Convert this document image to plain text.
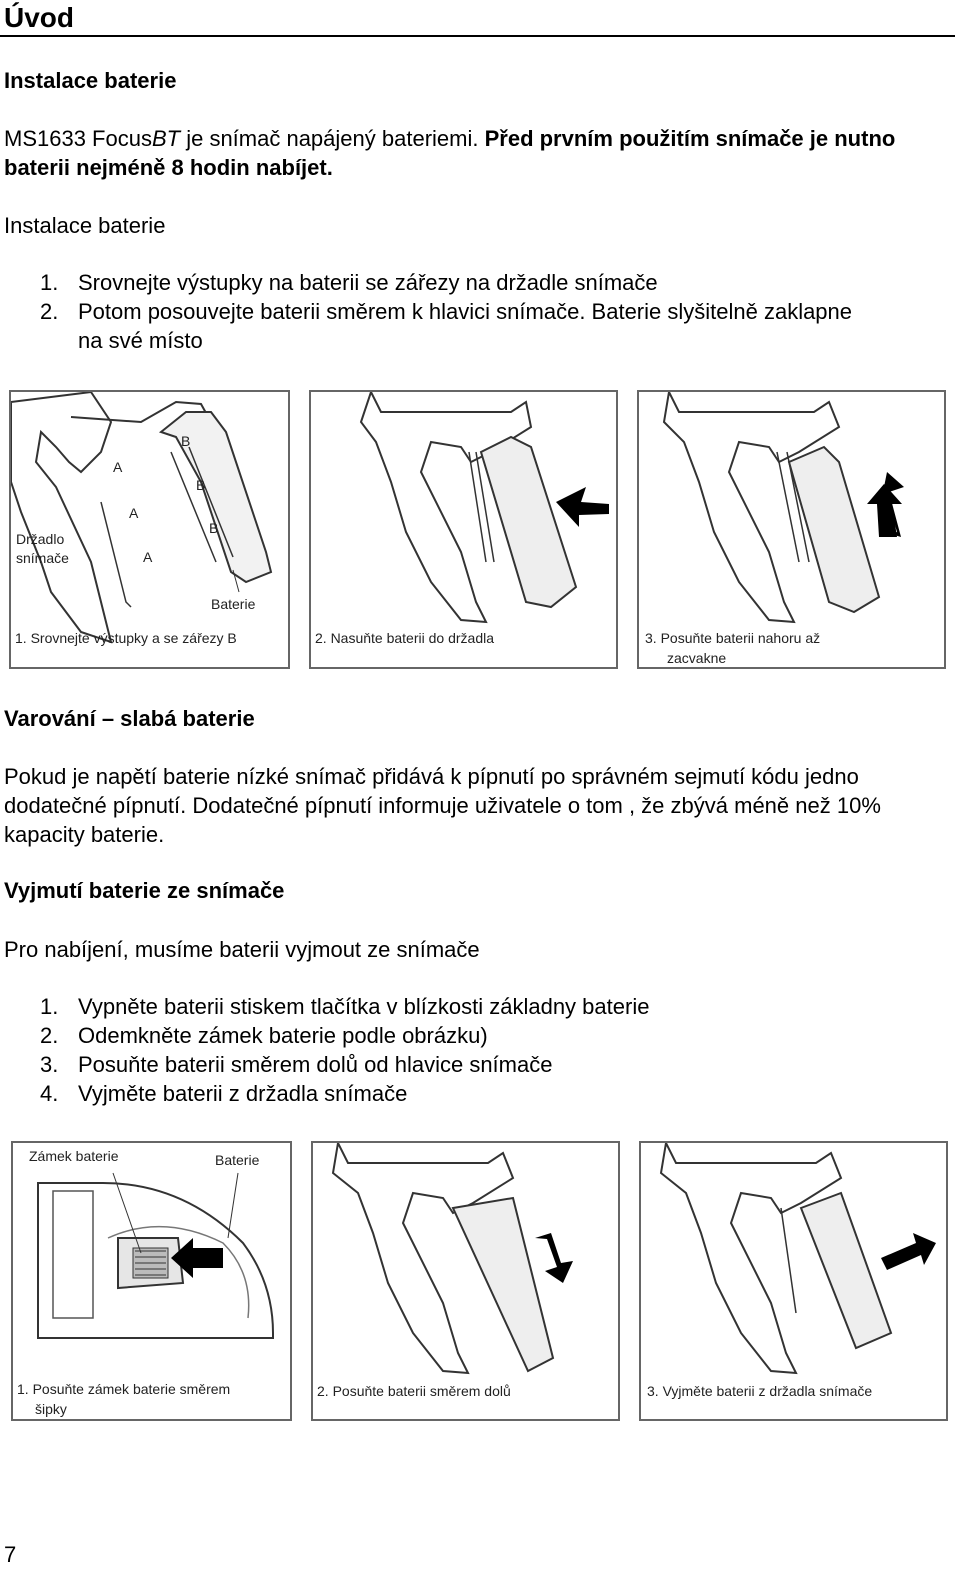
Úvod
Instalace baterie
MS1633 FocusBT je snímač napájený bateriemi. Před prvním použitím snímače je nutno baterii nejméně 8 hodin nabíjet.
Instalace baterie
1. Srovnejte výstupky na baterii se zářezy na držadle snímače
2. Potom posouvejte baterii směrem k hlavici snímače. Baterie slyšitelně zaklapne na své místo
A
A
A
B
B
B
Držadlo
snímače
Baterie
1. Srovnejte výstupky a se zářezy B	2. Nasuňte baterii do držadla	3. Posuňte baterii nahoru až
zacvakne
Varování – slabá baterie
Pokud je napětí baterie nízké snímač přidává k pípnutí po správném sejmutí kódu jedno dodatečné pípnutí. Dodatečné pípnutí informuje uživatele o tom , že zbývá méně než 10% kapacity baterie.
Vyjmutí baterie ze snímače
Pro nabíjení, musíme baterii vyjmout ze snímače
1. Vypněte baterii stiskem tlačítka v blízkosti základny baterie
2. Odemkněte zámek baterie podle obrázku)
3. Posuňte baterii směrem dolů od hlavice snímače
4. Vyjměte baterii z držadla snímače
Zámek baterie	Baterie
1. Posuňte zámek baterie směrem
šipky
2. Posuňte baterii směrem dolů	3. Vyjměte baterii z držadla snímače
7
